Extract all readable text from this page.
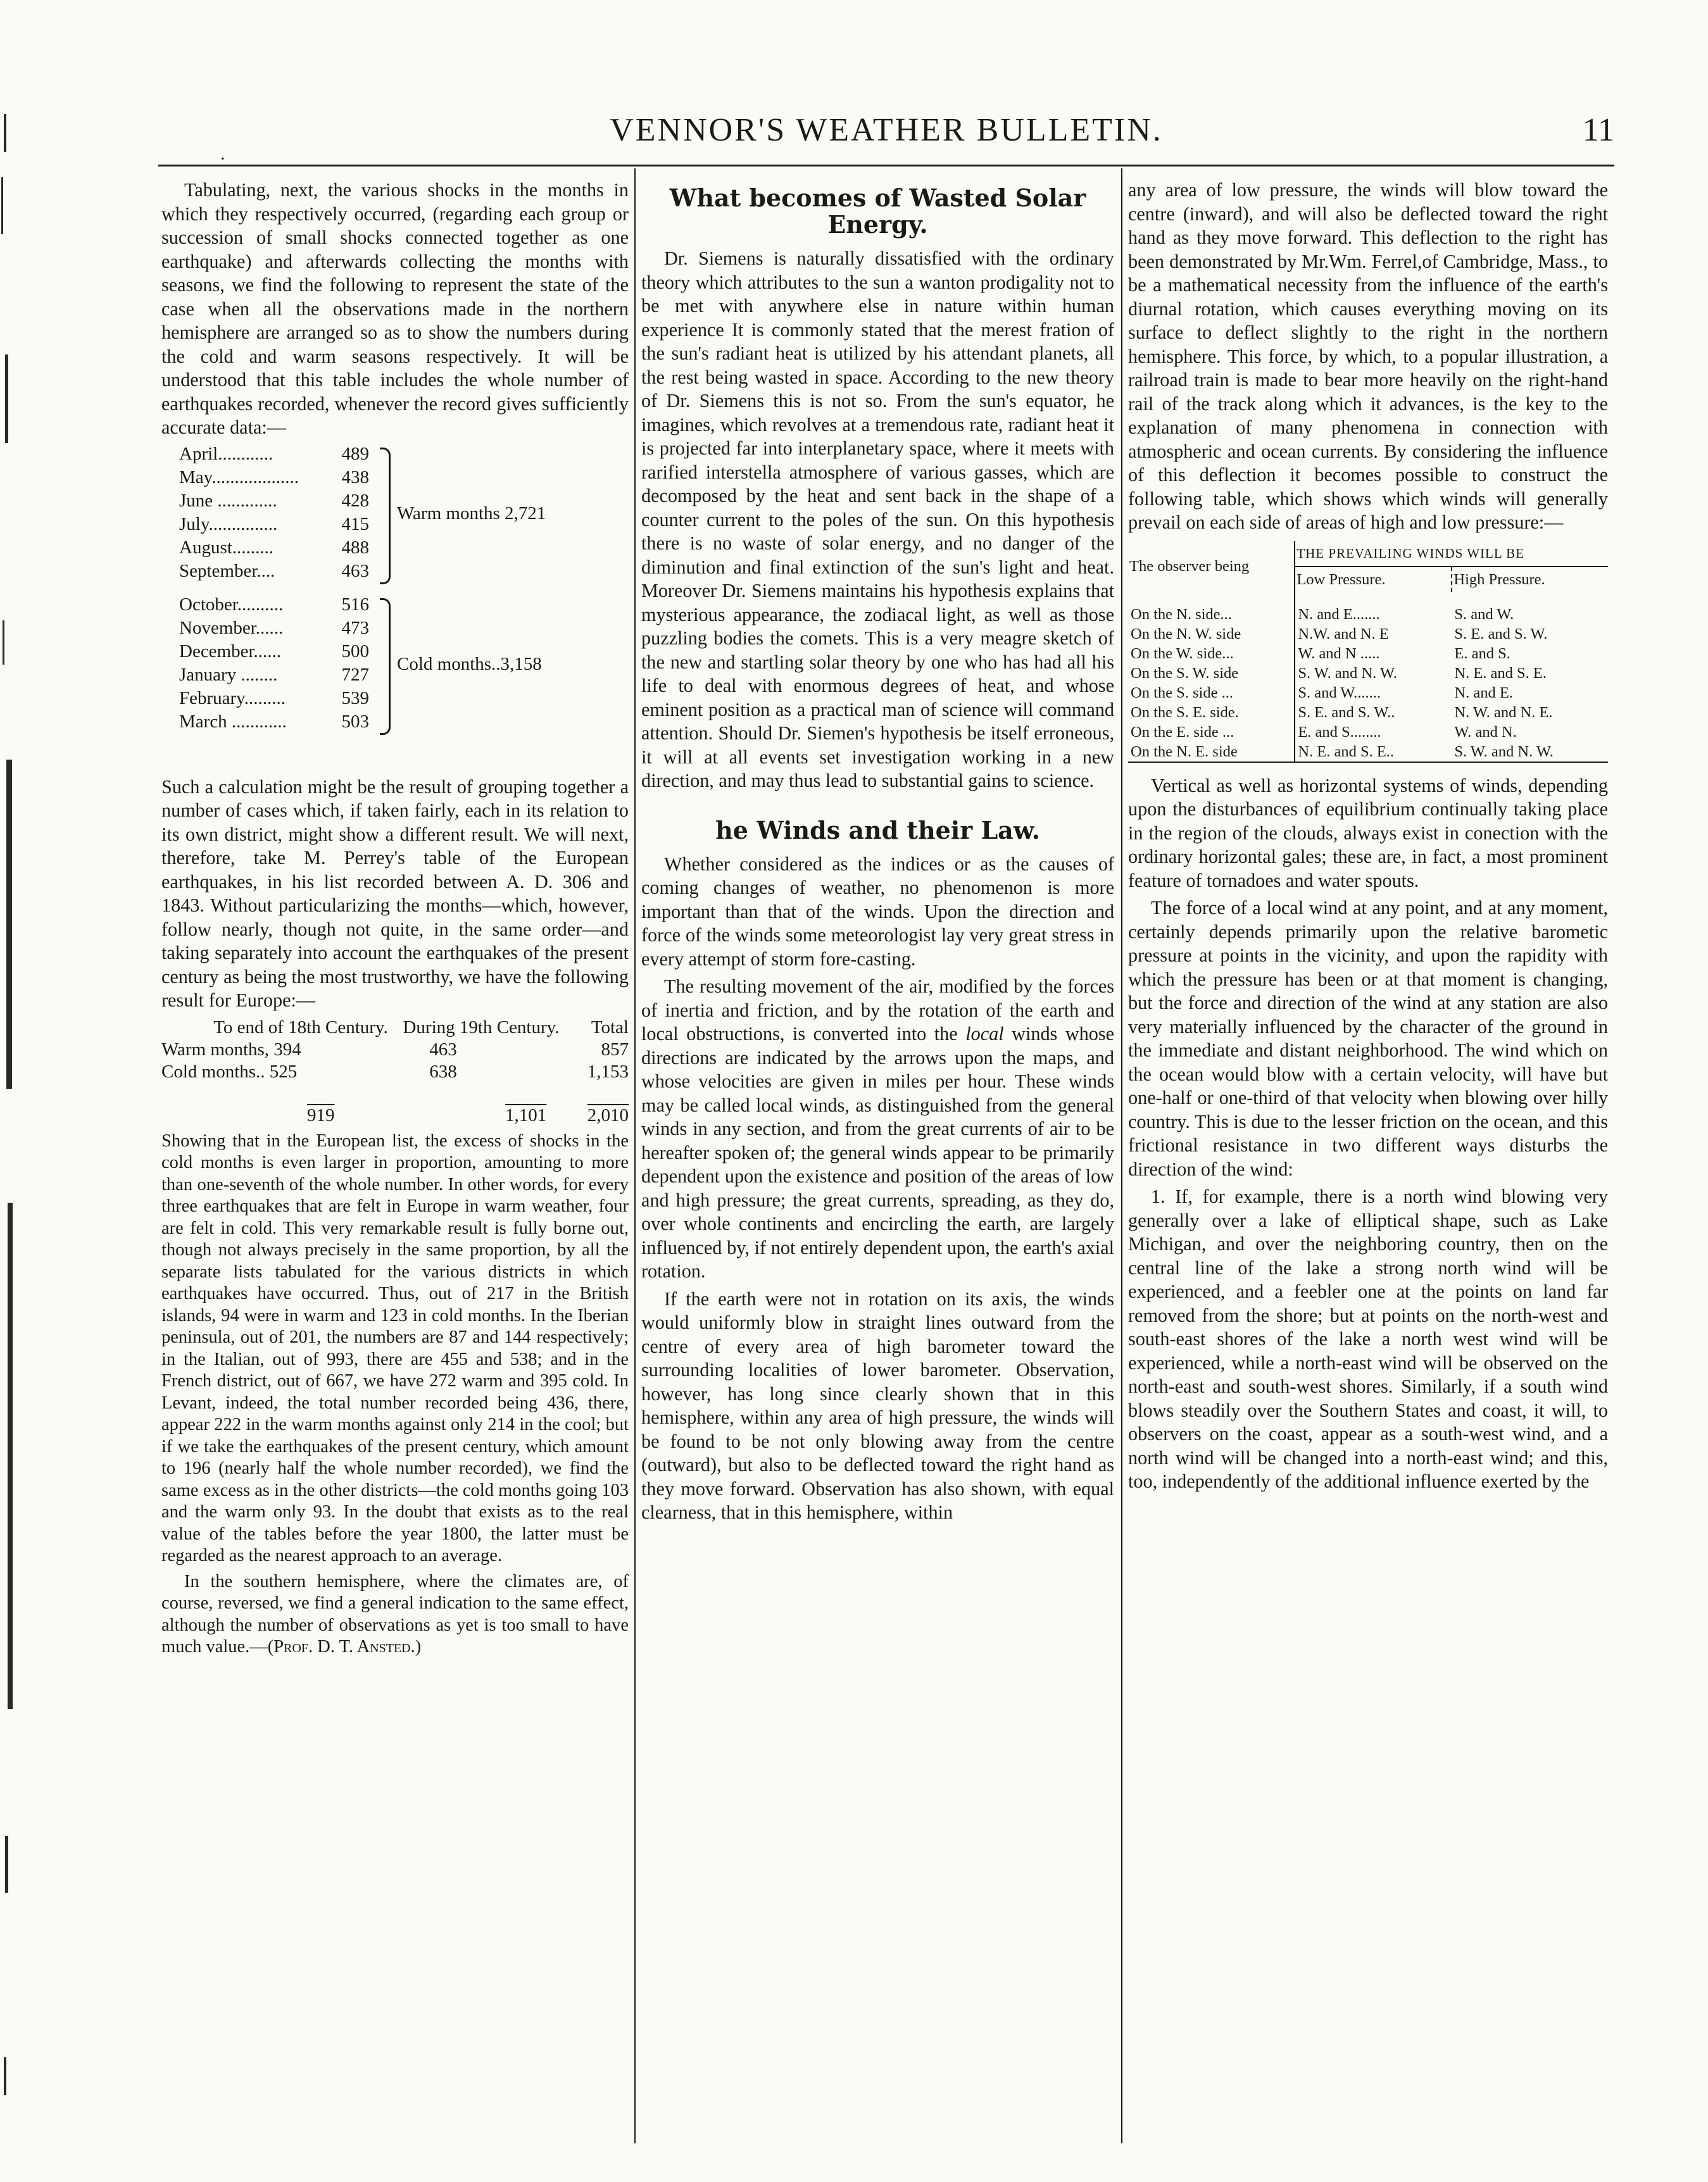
.
VENNOR'S WEATHER BULLETIN.	11

Tabulating, next, the various shocks in the months in which they respectively occurred, (regarding each group or succession of small shocks connected together as one earthquake) and afterwards collecting the months with seasons, we find the following to represent the state of the case when all the observations made in the northern hemisphere are arranged so as to show the numbers during the cold and warm seasons respectively. It will be understood that this table includes the whole number of earthquakes recorded, whenever the record gives sufficiently accurate data:—

April............	489
May................... 438
June .............	428
July...............	415
August.........	488
September....	463
Warm months 2,721
October..........	516
November......	473
December......	500
January ........	727
February.........	539
March ............	503
Cold months..3,158

Such a calculation might be the result of grouping together a number of cases which, if taken fairly, each in its relation to its own district, might show a different result. We will next, therefore, take M. Perrey's table of the European earthquakes, in his list recorded between A. D. 306 and 1843. Without particularizing the months—which, however, follow nearly, though not quite, in the same order—and taking separately into account the earthquakes of the present century as being the most trustworthy, we have the following result for Europe:—

To end of 18th Century. During 19th Century.	Total
Warm months, 394	463	857
Cold months.. 525	638	1,153
919	1,101	2,010

Showing that in the European list, the excess of shocks in the cold months is even larger in proportion, amounting to more than one-seventh of the whole number. In other words, for every three earthquakes that are felt in Europe in warm weather, four are felt in cold. This very remarkable result is fully borne out, though not always precisely in the same proportion, by all the separate lists tabulated for the various districts in which earthquakes have occurred. Thus, out of 217 in the British islands, 94 were in warm and 123 in cold months. In the Iberian peninsula, out of 201, the numbers are 87 and 144 respectively; in the Italian, out of 993, there are 455 and 538; and in the French district, out of 667, we have 272 warm and 395 cold. In Levant, indeed, the total number recorded being 436, there, appear 222 in the warm months against only 214 in the cool; but if we take the earthquakes of the present century, which amount to 196 (nearly half the whole number recorded), we find the same excess as in the other districts—the cold months going 103 and the warm only 93. In the doubt that exists as to the real value of the tables before the year 1800, the latter must be regarded as the nearest approach to an average.

In the southern hemisphere, where the climates are, of course, reversed, we find a general indication to the same effect, although the number of observations as yet is too small to have much value.—(Prof. D. T. Ansted.)

What becomes of Wasted Solar Energy.

Dr. Siemens is naturally dissatisfied with the ordinary theory which attributes to the sun a wanton prodigality not to be met with anywhere else in nature within human experience It is commonly stated that the merest fration of the sun's radiant heat is utilized by his attendant planets, all the rest being wasted in space. According to the new theory of Dr. Siemens this is not so. From the sun's equator, he imagines, which revolves at a tremendous rate, radiant heat it is projected far into interplanetary space, where it meets with rarified interstella atmosphere of various gasses, which are decomposed by the heat and sent back in the shape of a counter current to the poles of the sun. On this hypothesis there is no waste of solar energy, and no danger of the diminution and final extinction of the sun's light and heat. Moreover Dr. Siemens maintains his hypothesis explains that mysterious appearance, the zodiacal light, as well as those puzzling bodies the comets. This is a very meagre sketch of the new and startling solar theory by one who has had all his life to deal with enormous degrees of heat, and whose eminent position as a practical man of science will command attention. Should Dr. Siemen's hypothesis be itself erroneous, it will at all events set investigation working in a new direction, and may thus lead to substantial gains to science.

he Winds and their Law.

Whether considered as the indices or as the causes of coming changes of weather, no phenomenon is more important than that of the winds. Upon the direction and force of the winds some meteorologist lay very great stress in every attempt of storm fore-casting.

The resulting movement of the air, modified by the forces of inertia and friction, and by the rotation of the earth and local obstructions, is converted into the local winds whose directions are indicated by the arrows upon the maps, and whose velocities are given in miles per hour. These winds may be called local winds, as distinguished from the general winds in any section, and from the great currents of air to be hereafter spoken of; the general winds appear to be primarily dependent upon the existence and position of the areas of low and high pressure; the great currents, spreading, as they do, over whole continents and encircling the earth, are largely influenced by, if not entirely dependent upon, the earth's axial rotation.

If the earth were not in rotation on its axis, the winds would uniformly blow in straight lines outward from the centre of every area of high barometer toward the surrounding localities of lower barometer. Observation, however, has long since clearly shown that in this hemisphere, within any area of high pressure, the winds will be found to be not only blowing away from the centre (outward), but also to be deflected toward the right hand as they move forward. Observation has also shown, with equal clearness, that in this hemisphere, within

any area of low pressure, the winds will blow toward the centre (inward), and will also be deflected toward the right hand as they move forward. This deflection to the right has been demonstrated by Mr.Wm. Ferrel,of Cambridge, Mass., to be a mathematical necessity from the influence of the earth's diurnal rotation, which causes everything moving on its surface to deflect slightly to the right in the northern hemisphere. This force, by which, to a popular illustration, a railroad train is made to bear more heavily on the right-hand rail of the track along which it advances, is the key to the explanation of many phenomena in connection with atmospheric and ocean currents. By considering the influence of this deflection it becomes possible to construct the following table, which shows which winds will generally prevail on each side of areas of high and low pressure:—

The observer being	THE PREVAILING WINDS WILL BE	
	Low Pressure.	High Pressure.
On the N. side...	N. and E.......	S. and W.
On the N. W. side	N.W. and N. E	S. E. and S. W.
On the W. side...	W. and N .....	E. and S.
On the S. W. side	S. W. and N. W.	N. E. and S. E.
On the S. side ...	S. and W.......	N. and E.
On the S. E. side.	S. E. and S. W..	N. W. and N. E.
On the E. side ...	E. and S........	W. and N.
On the N. E. side	N. E. and S. E..	S. W. and N. W.

Vertical as well as horizontal systems of winds, depending upon the disturbances of equilibrium continually taking place in the region of the clouds, always exist in conection with the ordinary horizontal gales; these are, in fact, a most prominent feature of tornadoes and water spouts.

The force of a local wind at any point, and at any moment, certainly depends primarily upon the relative barometic pressure at points in the vicinity, and upon the rapidity with which the pressure has been or at that moment is changing, but the force and direction of the wind at any station are also very materially influenced by the character of the ground in the immediate and distant neighborhood. The wind which on the ocean would blow with a certain velocity, will have but one-half or one-third of that velocity when blowing over hilly country. This is due to the lesser friction on the ocean, and this frictional resistance in two different ways disturbs the direction of the wind:

1. If, for example, there is a north wind blowing very generally over a lake of elliptical shape, such as Lake Michigan, and over the neighboring country, then on the central line of the lake a strong north wind will be experienced, and a feebler one at the points on land far removed from the shore; but at points on the north-west and south-east shores of the lake a north west wind will be experienced, while a north-east wind will be observed on the north-east and south-west shores. Similarly, if a south wind blows steadily over the Southern States and coast, it will, to observers on the coast, appear as a south-west wind, and a north wind will be changed into a north-east wind; and this, too, independently of the additional influence exerted by the
